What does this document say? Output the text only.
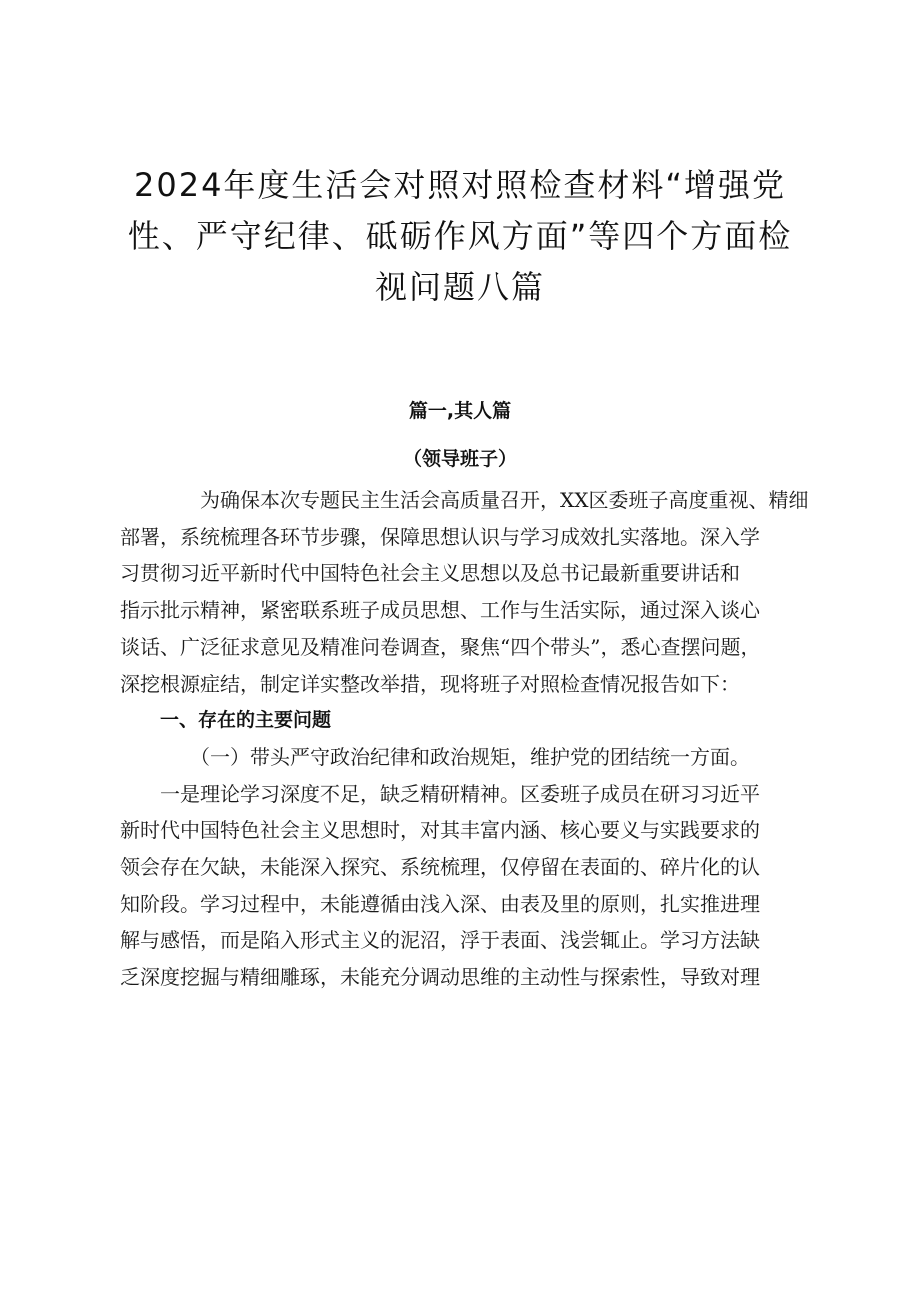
2024年度生活会对照对照检查材料“增强党
性、严守纪律、砥砺作风方面”等四个方面检
视问题八篇
篇一,其人篇
（领导班子）

为确保本次专题民主生活会高质量召开，XX区委班子高度重视、精细
部署，系统梳理各环节步骤，保障思想认识与学习成效扎实落地。深入学
习贯彻习近平新时代中国特色社会主义思想以及总书记最新重要讲话和
指示批示精神，紧密联系班子成员思想、工作与生活实际，通过深入谈心
谈话、广泛征求意见及精准问卷调查，聚焦“四个带头”，悉心查摆问题，
深挖根源症结，制定详实整改举措，现将班子对照检查情况报告如下：

一、存在的主要问题

（一）带头严守政治纪律和政治规矩，维护党的团结统一方面。

一是理论学习深度不足，缺乏精研精神。区委班子成员在研习习近平
新时代中国特色社会主义思想时，对其丰富内涵、核心要义与实践要求的
领会存在欠缺，未能深入探究、系统梳理，仅停留在表面的、碎片化的认
知阶段。学习过程中，未能遵循由浅入深、由表及里的原则，扎实推进理
解与感悟，而是陷入形式主义的泥沼，浮于表面、浅尝辄止。学习方法缺
乏深度挖掘与精细雕琢，未能充分调动思维的主动性与探索性，导致对理
